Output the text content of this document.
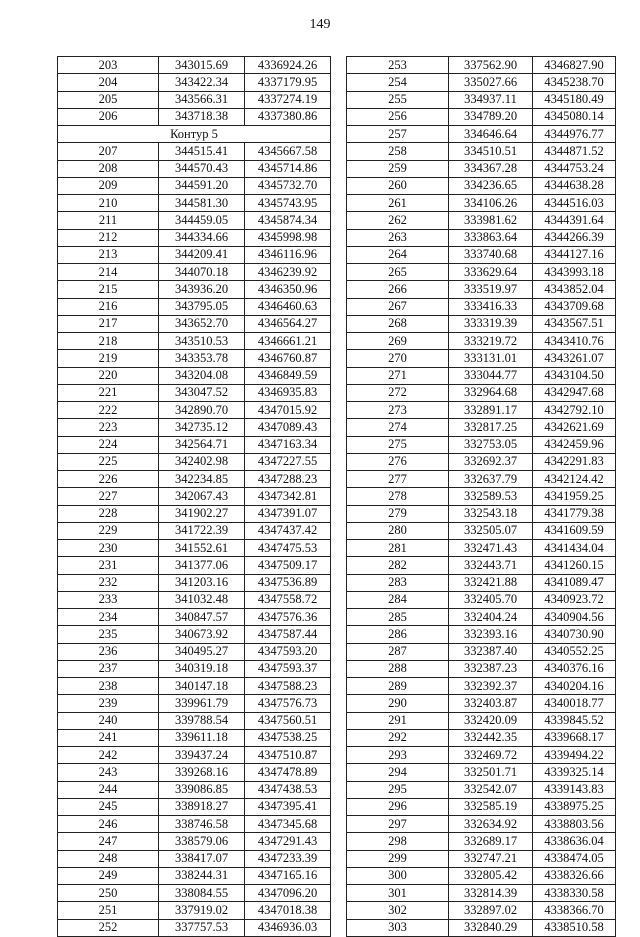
149
203	343015.69	4336924.26
204	343422.34	4337179.95
205	343566.31	4337274.19
206	343718.38	4337380.86
Контур 5		
207	344515.41	4345667.58
208	344570.43	4345714.86
209	344591.20	4345732.70
210	344581.30	4345743.95
211	344459.05	4345874.34
212	344334.66	4345998.98
213	344209.41	4346116.96
214	344070.18	4346239.92
215	343936.20	4346350.96
216	343795.05	4346460.63
217	343652.70	4346564.27
218	343510.53	4346661.21
219	343353.78	4346760.87
220	343204.08	4346849.59
221	343047.52	4346935.83
222	342890.70	4347015.92
223	342735.12	4347089.43
224	342564.71	4347163.34
225	342402.98	4347227.55
226	342234.85	4347288.23
227	342067.43	4347342.81
228	341902.27	4347391.07
229	341722.39	4347437.42
230	341552.61	4347475.53
231	341377.06	4347509.17
232	341203.16	4347536.89
233	341032.48	4347558.72
234	340847.57	4347576.36
235	340673.92	4347587.44
236	340495.27	4347593.20
237	340319.18	4347593.37
238	340147.18	4347588.23
239	339961.79	4347576.73
240	339788.54	4347560.51
241	339611.18	4347538.25
242	339437.24	4347510.87
243	339268.16	4347478.89
244	339086.85	4347438.53
245	338918.27	4347395.41
246	338746.58	4347345.68
247	338579.06	4347291.43
248	338417.07	4347233.39
249	338244.31	4347165.16
250	338084.55	4347096.20
251	337919.02	4347018.38
252	337757.53	4346936.03
253	337562.90	4346827.90
254	335027.66	4345238.70
255	334937.11	4345180.49
256	334789.20	4345080.14
257	334646.64	4344976.77
258	334510.51	4344871.52
259	334367.28	4344753.24
260	334236.65	4344638.28
261	334106.26	4344516.03
262	333981.62	4344391.64
263	333863.64	4344266.39
264	333740.68	4344127.16
265	333629.64	4343993.18
266	333519.97	4343852.04
267	333416.33	4343709.68
268	333319.39	4343567.51
269	333219.72	4343410.76
270	333131.01	4343261.07
271	333044.77	4343104.50
272	332964.68	4342947.68
273	332891.17	4342792.10
274	332817.25	4342621.69
275	332753.05	4342459.96
276	332692.37	4342291.83
277	332637.79	4342124.42
278	332589.53	4341959.25
279	332543.18	4341779.38
280	332505.07	4341609.59
281	332471.43	4341434.04
282	332443.71	4341260.15
283	332421.88	4341089.47
284	332405.70	4340923.72
285	332404.24	4340904.56
286	332393.16	4340730.90
287	332387.40	4340552.25
288	332387.23	4340376.16
289	332392.37	4340204.16
290	332403.87	4340018.77
291	332420.09	4339845.52
292	332442.35	4339668.17
293	332469.72	4339494.22
294	332501.71	4339325.14
295	332542.07	4339143.83
296	332585.19	4338975.25
297	332634.92	4338803.56
298	332689.17	4338636.04
299	332747.21	4338474.05
300	332805.42	4338326.66
301	332814.39	4338330.58
302	332897.02	4338366.70
303	332840.29	4338510.58
